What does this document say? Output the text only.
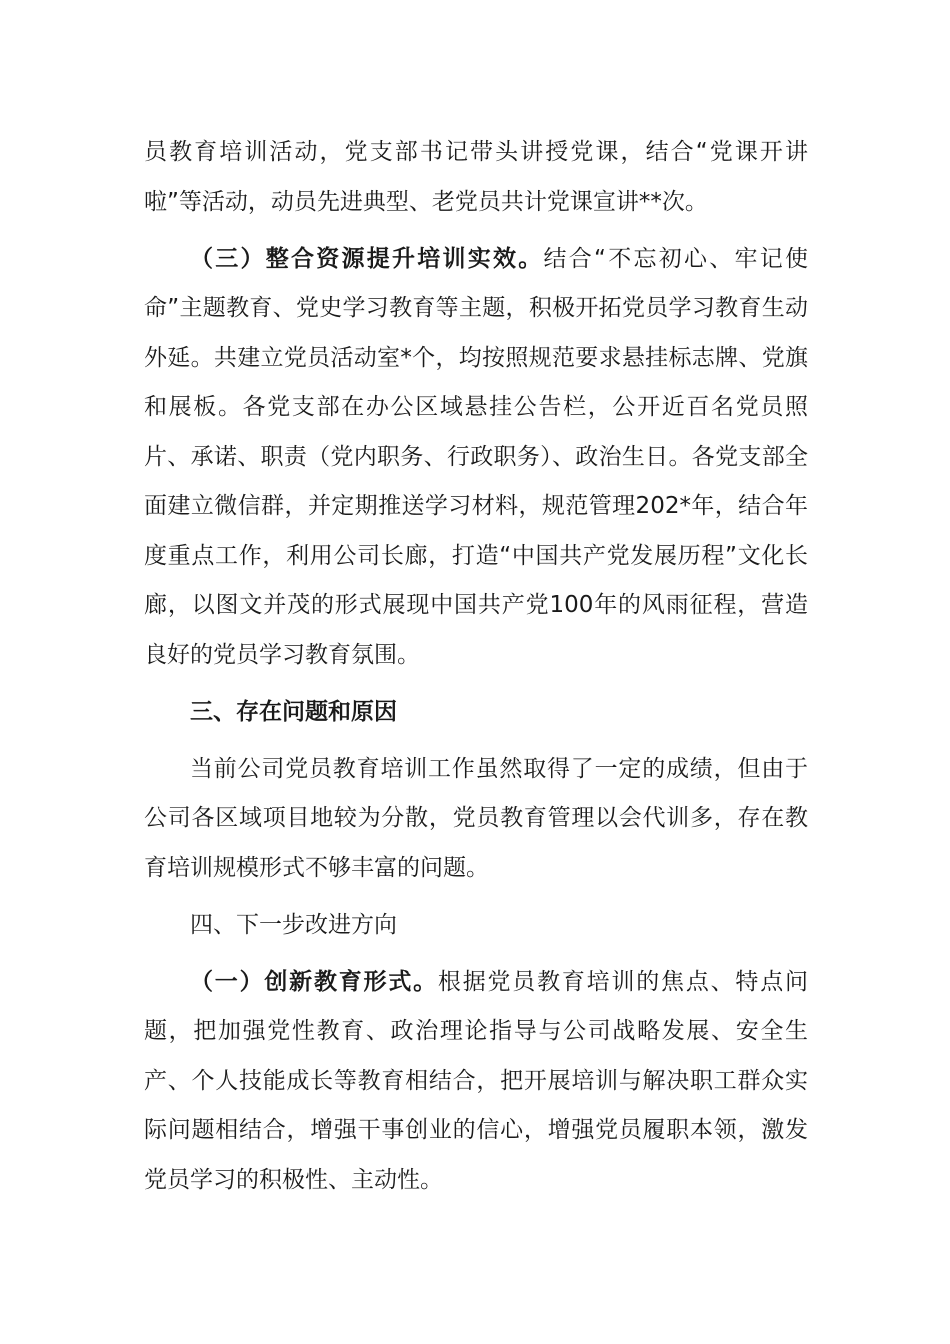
员教育培训活动，党支部书记带头讲授党课，结合“党课开讲啦”等活动，动员先进典型、老党员共计党课宣讲**次。

（三）整合资源提升培训实效。结合“不忘初心、牢记使命”主题教育、党史学习教育等主题，积极开拓党员学习教育生动外延。共建立党员活动室*个，均按照规范要求悬挂标志牌、党旗和展板。各党支部在办公区域悬挂公告栏，公开近百名党员照片、承诺、职责（党内职务、行政职务）、政治生日。各党支部全面建立微信群，并定期推送学习材料，规范管理202*年，结合年度重点工作，利用公司长廊，打造“中国共产党发展历程”文化长廊，以图文并茂的形式展现中国共产党100年的风雨征程，营造良好的党员学习教育氛围。

三、存在问题和原因

当前公司党员教育培训工作虽然取得了一定的成绩，但由于公司各区域项目地较为分散，党员教育管理以会代训多，存在教育培训规模形式不够丰富的问题。

四、下一步改进方向

（一）创新教育形式。根据党员教育培训的焦点、特点问题，把加强党性教育、政治理论指导与公司战略发展、安全生产、个人技能成长等教育相结合，把开展培训与解决职工群众实际问题相结合，增强干事创业的信心，增强党员履职本领，激发党员学习的积极性、主动性。
